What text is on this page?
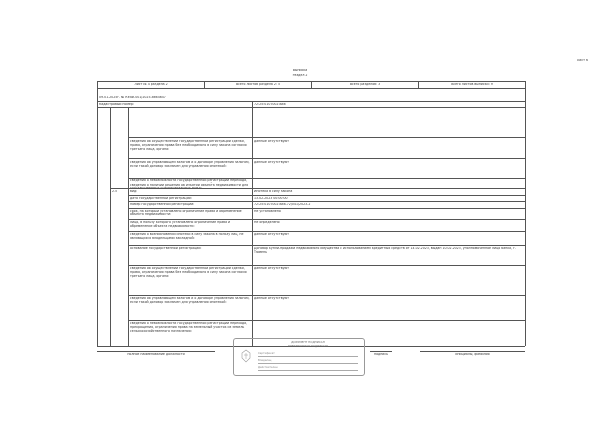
Лист 6
Выписка
Раздел 2
Лист № 4 раздела 2	Всего листов раздела 2: 5	Всего разделов: 3	Всего листов выписки: 9
09.01.2025г. № КУВИ-001/2025-8664647
Кадастровый номер:	72:25:0107002:886
сведения об осуществлении государственной регистрации сделки, права, ограничения права без необходимого в силу закона согласия третьего лица, органа:
данные отсутствуют
сведения об управляющем залогом и о договоре управления залогом, если такой договор заключен для управления ипотекой:
данные отсутствуют
сведения о невозможности государственной регистрации перехода,
сведения о наличии решения об изъятии объекта недвижимости для
2.5	вид:	Ипотека в силу закона
дата государственной регистрации:	13.02.2023 00:00:00
номер государственной регистрации:	72:25:0107002:886-72/041/2023-2
срок, на который установлено ограничение права и обременение объекта недвижимости:
Не установлено
лицо, в пользу которого установлено ограничение права и обременение объекта недвижимости:
Не определено
сведения о возникновении ипотеки в силу закона в пользу лиц, не являющихся владельцами закладной:
данные отсутствуют
основание государственной регистрации:	Договор купли-продажи недвижимого имущества с использованием кредитных средств от 14.02.2023, выдан 10.02.2023, уполномоченное лицо банка, г. Тюмень
сведения об осуществлении государственной регистрации сделки, права, ограничения права без необходимого в силу закона согласия третьего лица, органа:
данные отсутствуют
сведения об управляющем залогом и о договоре управления залогом, если такой договор заключен для управления ипотекой:
данные отсутствуют
сведения о невозможности государственной регистрации перехода, прекращения, ограничения права на земельный участок из земель сельскохозяйственного назначения:
ДОКУМЕНТ ПОДПИСАН
ЭЛЕКТРОННОЙ ПОДПИСЬЮ
Сертификат
Владелец
Действителен
полное наименование должности	подпись	инициалы, фамилия
